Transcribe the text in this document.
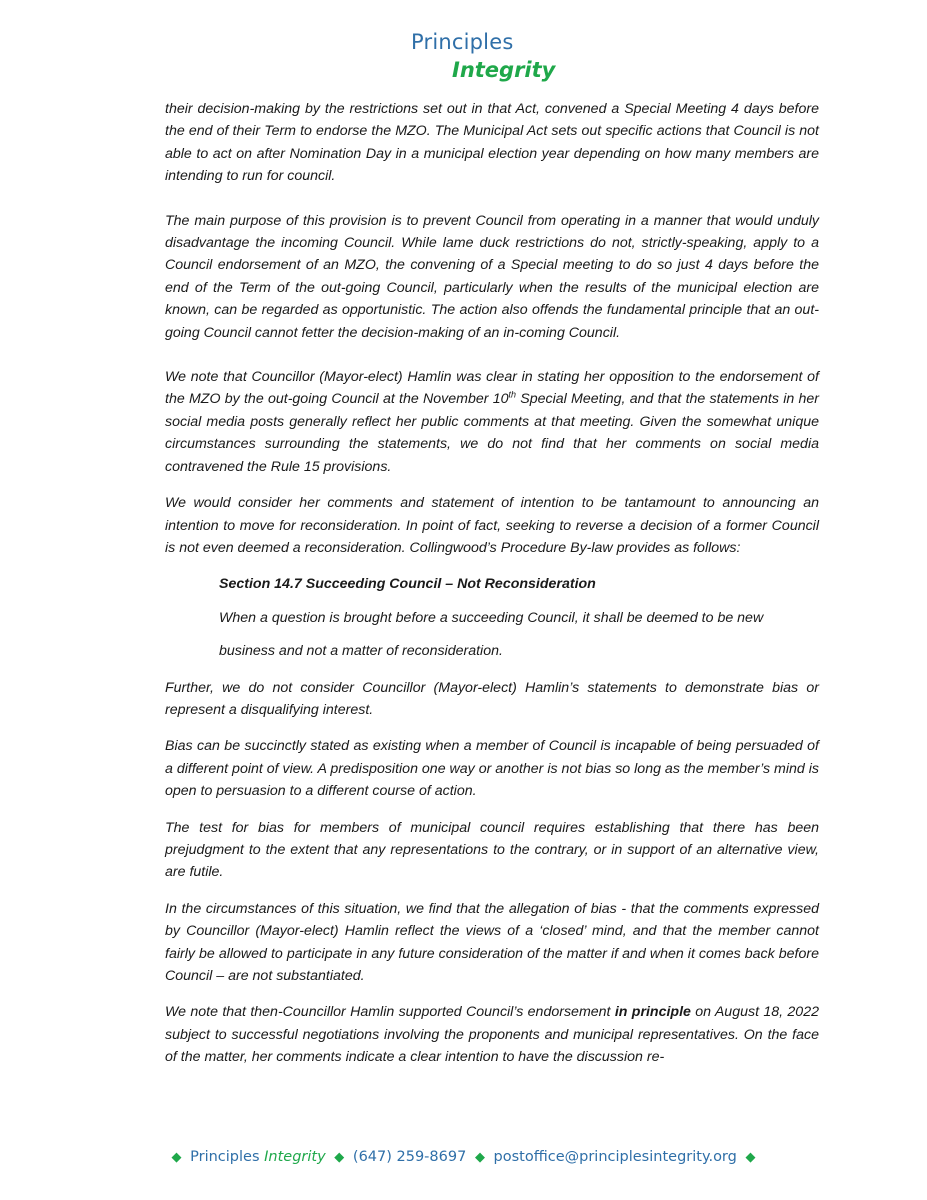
Principles
Integrity

their decision-making by the restrictions set out in that Act, convened a Special Meeting 4 days before the end of their Term to endorse the MZO. The Municipal Act sets out specific actions that Council is not able to act on after Nomination Day in a municipal election year depending on how many members are intending to run for council.

The main purpose of this provision is to prevent Council from operating in a manner that would unduly disadvantage the incoming Council. While lame duck restrictions do not, strictly-speaking, apply to a Council endorsement of an MZO, the convening of a Special meeting to do so just 4 days before the end of the Term of the out-going Council, particularly when the results of the municipal election are known, can be regarded as opportunistic. The action also offends the fundamental principle that an out-going Council cannot fetter the decision-making of an in-coming Council.

We note that Councillor (Mayor-elect) Hamlin was clear in stating her opposition to the endorsement of the MZO by the out-going Council at the November 10th Special Meeting, and that the statements in her social media posts generally reflect her public comments at that meeting. Given the somewhat unique circumstances surrounding the statements, we do not find that her comments on social media contravened the Rule 15 provisions.

We would consider her comments and statement of intention to be tantamount to announcing an intention to move for reconsideration. In point of fact, seeking to reverse a decision of a former Council is not even deemed a reconsideration. Collingwood’s Procedure By-law provides as follows:

Section 14.7 Succeeding Council – Not Reconsideration

When a question is brought before a succeeding Council, it shall be deemed to be new

business and not a matter of reconsideration.

Further, we do not consider Councillor (Mayor-elect) Hamlin’s statements to demonstrate bias or represent a disqualifying interest.

Bias can be succinctly stated as existing when a member of Council is incapable of being persuaded of a different point of view. A predisposition one way or another is not bias so long as the member’s mind is open to persuasion to a different course of action.

The test for bias for members of municipal council requires establishing that there has been prejudgment to the extent that any representations to the contrary, or in support of an alternative view, are futile.

In the circumstances of this situation, we find that the allegation of bias - that the comments expressed by Councillor (Mayor-elect) Hamlin reflect the views of a ‘closed’ mind, and that the member cannot fairly be allowed to participate in any future consideration of the matter if and when it comes back before Council – are not substantiated.

We note that then-Councillor Hamlin supported Council’s endorsement in principle on August 18, 2022 subject to successful negotiations involving the proponents and municipal representatives. On the face of the matter, her comments indicate a clear intention to have the discussion re-

◆ Principles Integrity ◆ (647) 259-8697 ◆ postoffice@principlesintegrity.org ◆
